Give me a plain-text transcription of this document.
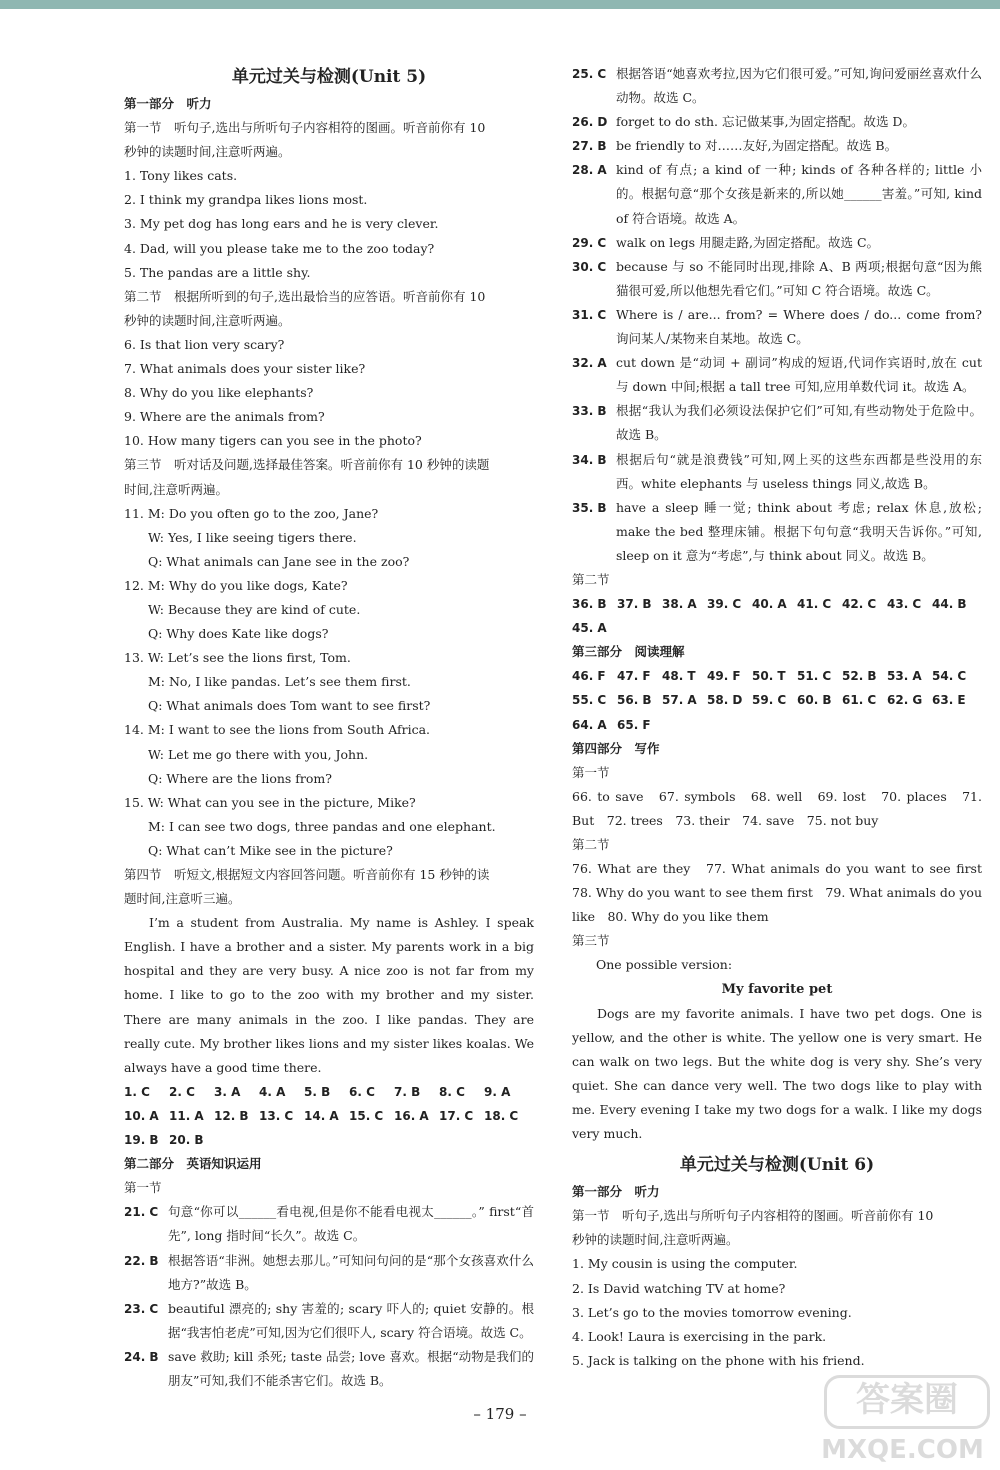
单元过关与检测(Unit 5)
第一部分　听力
第一节　听句子,选出与所听句子内容相符的图画。听音前你有 10
秒钟的读题时间,注意听两遍。
1. Tony likes cats.
2. I think my grandpa likes lions most.
3. My pet dog has long ears and he is very clever.
4. Dad, will you please take me to the zoo today?
5. The pandas are a little shy.
第二节　根据所听到的句子,选出最恰当的应答语。听音前你有 10
秒钟的读题时间,注意听两遍。
6. Is that lion very scary?
7. What animals does your sister like?
8. Why do you like elephants?
9. Where are the animals from?
10. How many tigers can you see in the photo?
第三节　听对话及问题,选择最佳答案。听音前你有 10 秒钟的读题
时间,注意听两遍。
11. M: Do you often go to the zoo, Jane?
W: Yes, I like seeing tigers there.
Q: What animals can Jane see in the zoo?
12. M: Why do you like dogs, Kate?
W: Because they are kind of cute.
Q: Why does Kate like dogs?
13. W: Let’s see the lions first, Tom.
M: No, I like pandas. Let’s see them first.
Q: What animals does Tom want to see first?
14. M: I want to see the lions from South Africa.
W: Let me go there with you, John.
Q: Where are the lions from?
15. W: What can you see in the picture, Mike?
M: I can see two dogs, three pandas and one elephant.
Q: What can’t Mike see in the picture?
第四节　听短文,根据短文内容回答问题。听音前你有 15 秒钟的读
题时间,注意听三遍。

I’m a student from Australia. My name is Ashley. I speak English. I have a brother and a sister. My parents work in a big hospital and they are very busy. A nice zoo is not far from my home. I like to go to the zoo with my brother and my sister. There are many animals in the zoo. I like pandas. They are really cute. My brother likes lions and my sister likes koalas. We always have a good time there.

1. C	2. C	3. A	4. A	5. B	6. C	7. B	8. C	9. A
10. A 11. A 12. B 13. C 14. A 15. C 16. A 17. C 18. C
19. B 20. B
第二部分　英语知识运用
第一节
21. C 句意“你可以______看电视,但是你不能看电视太______。” first“首先”, long 指时间“长久”。故选 C。
22. B 根据答语“非洲。她想去那儿。”可知问句问的是“那个女孩喜欢什么地方?”故选 B。
23. C beautiful 漂亮的; shy 害羞的; scary 吓人的; quiet 安静的。根据“我害怕老虎”可知,因为它们很吓人, scary 符合语境。故选 C。
24. B save 救助; kill 杀死; taste 品尝; love 喜欢。根据“动物是我们的朋友”可知,我们不能杀害它们。故选 B。
25. C 根据答语“她喜欢考拉,因为它们很可爱。”可知,询问爱丽丝喜欢什么动物。故选 C。
26. D forget to do sth. 忘记做某事,为固定搭配。故选 D。
27. B be friendly to 对……友好,为固定搭配。故选 B。
28. A kind of 有点; a kind of 一种; kinds of 各种各样的; little 小的。根据句意“那个女孩是新来的,所以她______害羞。”可知, kind of 符合语境。故选 A。
29. C walk on legs 用腿走路,为固定搭配。故选 C。
30. C because 与 so 不能同时出现,排除 A、B 两项;根据句意“因为熊猫很可爱,所以他想先看它们。”可知 C 符合语境。故选 C。
31. C Where is / are... from? = Where does / do... come from? 询问某人/某物来自某地。故选 C。
32. A cut down 是“动词 + 副词”构成的短语,代词作宾语时,放在 cut 与 down 中间;根据 a tall tree 可知,应用单数代词 it。故选 A。
33. B 根据“我认为我们必须设法保护它们”可知,有些动物处于危险中。故选 B。
34. B 根据后句“就是浪费钱”可知,网上买的这些东西都是些没用的东西。white elephants 与 useless things 同义,故选 B。
35. B have a sleep 睡一觉; think about 考虑; relax 休息,放松; make the bed 整理床铺。根据下句句意“我明天告诉你。”可知, sleep on it 意为“考虑”,与 think about 同义。故选 B。
第二节
36. B 37. B 38. A 39. C 40. A 41. C 42. C 43. C 44. B
45. A
第三部分　阅读理解
46. F 47. F 48. T 49. F 50. T 51. C 52. B 53. A 54. C
55. C 56. B 57. A 58. D 59. C 60. B 61. C 62. G 63. E
64. A 65. F
第四部分　写作
第一节
66. to save　67. symbols　68. well　69. lost　70. places　71. But　72. trees　73. their　74. save　75. not buy
第二节
76. What are they　77. What animals do you want to see first　78. Why do you want to see them first　79. What animals do you like　80. Why do you like them
第三节
One possible version:
My favorite pet

Dogs are my favorite animals. I have two pet dogs. One is yellow, and the other is white. The yellow one is very smart. He can walk on two legs. But the white dog is very shy. She’s very quiet. She can dance very well. The two dogs like to play with me. Every evening I take my two dogs for a walk. I like my dogs very much.

单元过关与检测(Unit 6)
第一部分　听力
第一节　听句子,选出与所听句子内容相符的图画。听音前你有 10
秒钟的读题时间,注意听两遍。
1. My cousin is using the computer.
2. Is David watching TV at home?
3. Let’s go to the movies tomorrow evening.
4. Look! Laura is exercising in the park.
5. Jack is talking on the phone with his friend.
– 179 –	答案圈
MXQE.COM
